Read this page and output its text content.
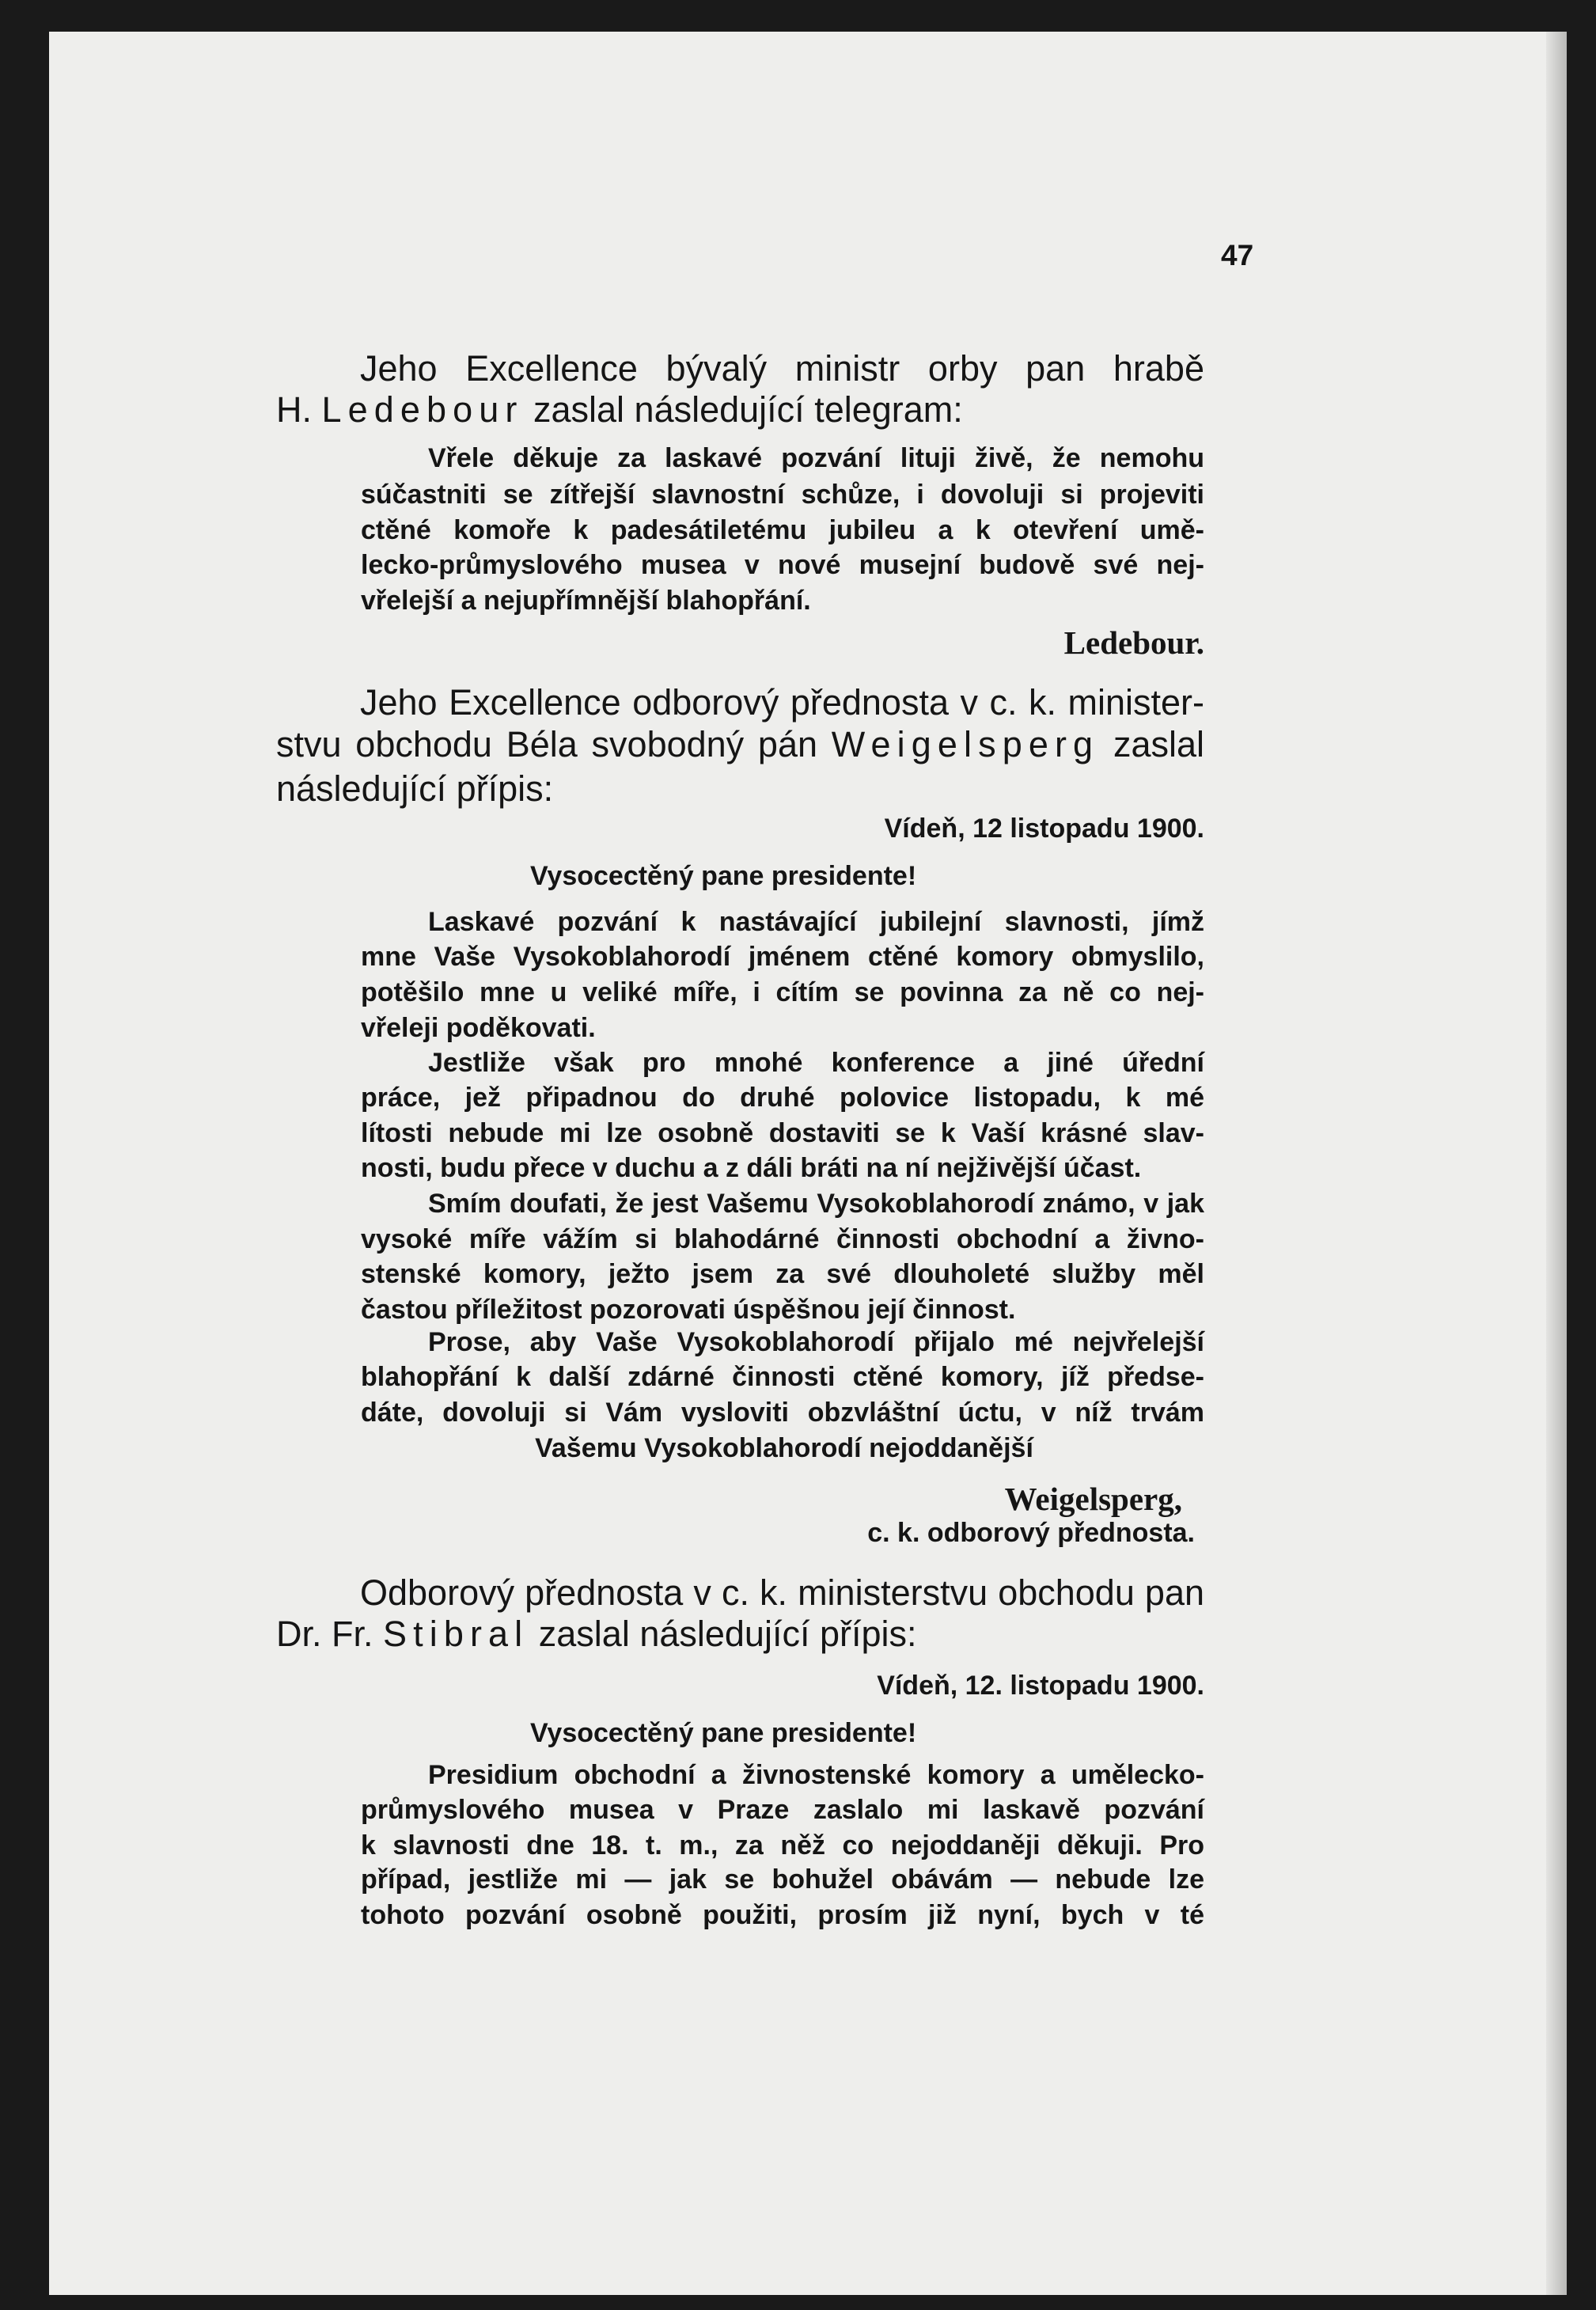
47
Jeho Excellence bývalý ministr orby pan hrabě
H. Ledebour zaslal následující telegram:
Vřele děkuje za laskavé pozvání lituji živě, že nemohu
súčastniti se zítřejší slavnostní schůze, i dovoluji si projeviti
ctěné komoře k padesátiletému jubileu a k otevření umě-
lecko-průmyslového musea v nové musejní budově své nej-
vřelejší a nejupřímnější blahopřání.
Ledebour.
Jeho Excellence odborový přednosta v c. k. minister-
stvu obchodu Béla svobodný pán Weigelsperg zaslal
následující přípis:
Vídeň, 12 listopadu 1900.
Vysocectěný pane presidente!
Laskavé pozvání k nastávající jubilejní slavnosti, jímž
mne Vaše Vysokoblahorodí jménem ctěné komory obmyslilo,
potěšilo mne u veliké míře, i cítím se povinna za ně co nej-
vřeleji poděkovati.
Jestliže však pro mnohé konference a jiné úřední
práce, jež připadnou do druhé polovice listopadu, k mé
lítosti nebude mi lze osobně dostaviti se k Vaší krásné slav-
nosti, budu přece v duchu a z dáli bráti na ní nejživější účast.
Smím doufati, že jest Vašemu Vysokoblahorodí známo, v jak
vysoké míře vážím si blahodárné činnosti obchodní a živno-
stenské komory, ježto jsem za své dlouholeté služby měl
častou příležitost pozorovati úspěšnou její činnost.
Prose, aby Vaše Vysokoblahorodí přijalo mé nejvřelejší
blahopřání k další zdárné činnosti ctěné komory, jíž předse-
dáte, dovoluji si Vám vysloviti obzvláštní úctu, v níž trvám
Vašemu Vysokoblahorodí nejoddanější
Weigelsperg,
c. k. odborový přednosta.
Odborový přednosta v c. k. ministerstvu obchodu pan
Dr. Fr. Stibral zaslal následující přípis:
Vídeň, 12. listopadu 1900.
Vysocectěný pane presidente!
Presidium obchodní a živnostenské komory a umělecko-
průmyslového musea v Praze zaslalo mi laskavě pozvání
k slavnosti dne 18. t. m., za něž co nejoddaněji děkuji. Pro
případ, jestliže mi — jak se bohužel obávám — nebude lze
tohoto pozvání osobně použiti, prosím již nyní, bych v té
